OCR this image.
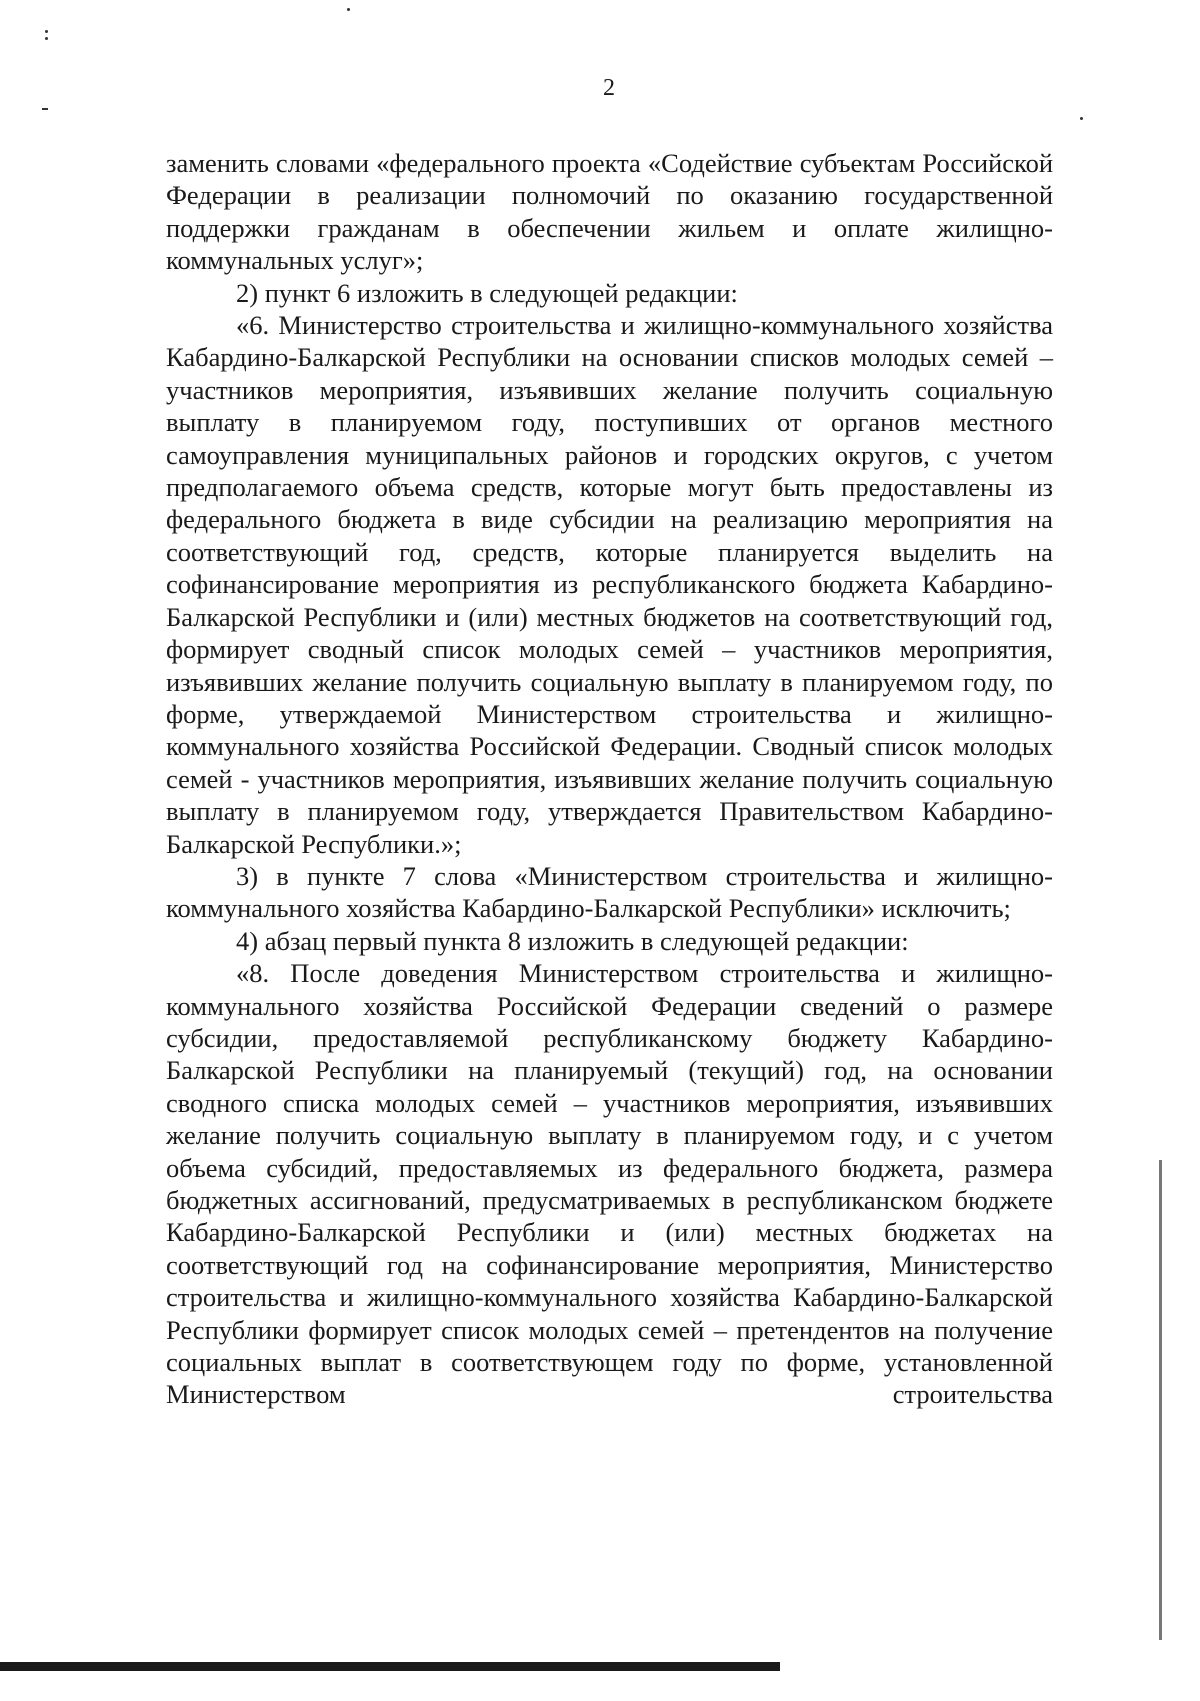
2

заменить словами «федерального проекта «Содействие субъектам Российской Федерации в реализации полномочий по оказанию государственной поддержки гражданам в обеспечении жильем и оплате жилищно-коммунальных услуг»;

2) пункт 6 изложить в следующей редакции:

«6. Министерство строительства и жилищно-коммунального хозяйства Кабардино-Балкарской Республики на основании списков молодых семей – участников мероприятия, изъявивших желание получить социальную выплату в планируемом году, поступивших от органов местного самоуправления муниципальных районов и городских округов, с учетом предполагаемого объема средств, которые могут быть предоставлены из федерального бюджета в виде субсидии на реализацию мероприятия на соответствующий год, средств, которые планируется выделить на софинансирование мероприятия из республиканского бюджета Кабардино-Балкарской Республики и (или) местных бюджетов на соответствующий год, формирует сводный список молодых семей – участников мероприятия, изъявивших желание получить социальную выплату в планируемом году, по форме, утверждаемой Министерством строительства и жилищно-коммунального хозяйства Российской Федерации. Сводный список молодых семей - участников мероприятия, изъявивших желание получить социальную выплату в планируемом году, утверждается Правительством Кабардино-Балкарской Республики.»;

3) в пункте 7 слова «Министерством строительства и жилищно-коммунального хозяйства Кабардино-Балкарской Республики» исключить;

4) абзац первый пункта 8 изложить в следующей редакции:

«8. После доведения Министерством строительства и жилищно-коммунального хозяйства Российской Федерации сведений о размере субсидии, предоставляемой республиканскому бюджету Кабардино-Балкарской Республики на планируемый (текущий) год, на основании сводного списка молодых семей – участников мероприятия, изъявивших желание получить социальную выплату в планируемом году, и с учетом объема субсидий, предоставляемых из федерального бюджета, размера бюджетных ассигнований, предусматриваемых в республиканском бюджете Кабардино-Балкарской Республики и (или) местных бюджетах на соответствующий год на софинансирование мероприятия, Министерство строительства и жилищно-коммунального хозяйства Кабардино-Балкарской Республики формирует список молодых семей – претендентов на получение социальных выплат в соответствующем году по форме, установленной Министерством строительства
